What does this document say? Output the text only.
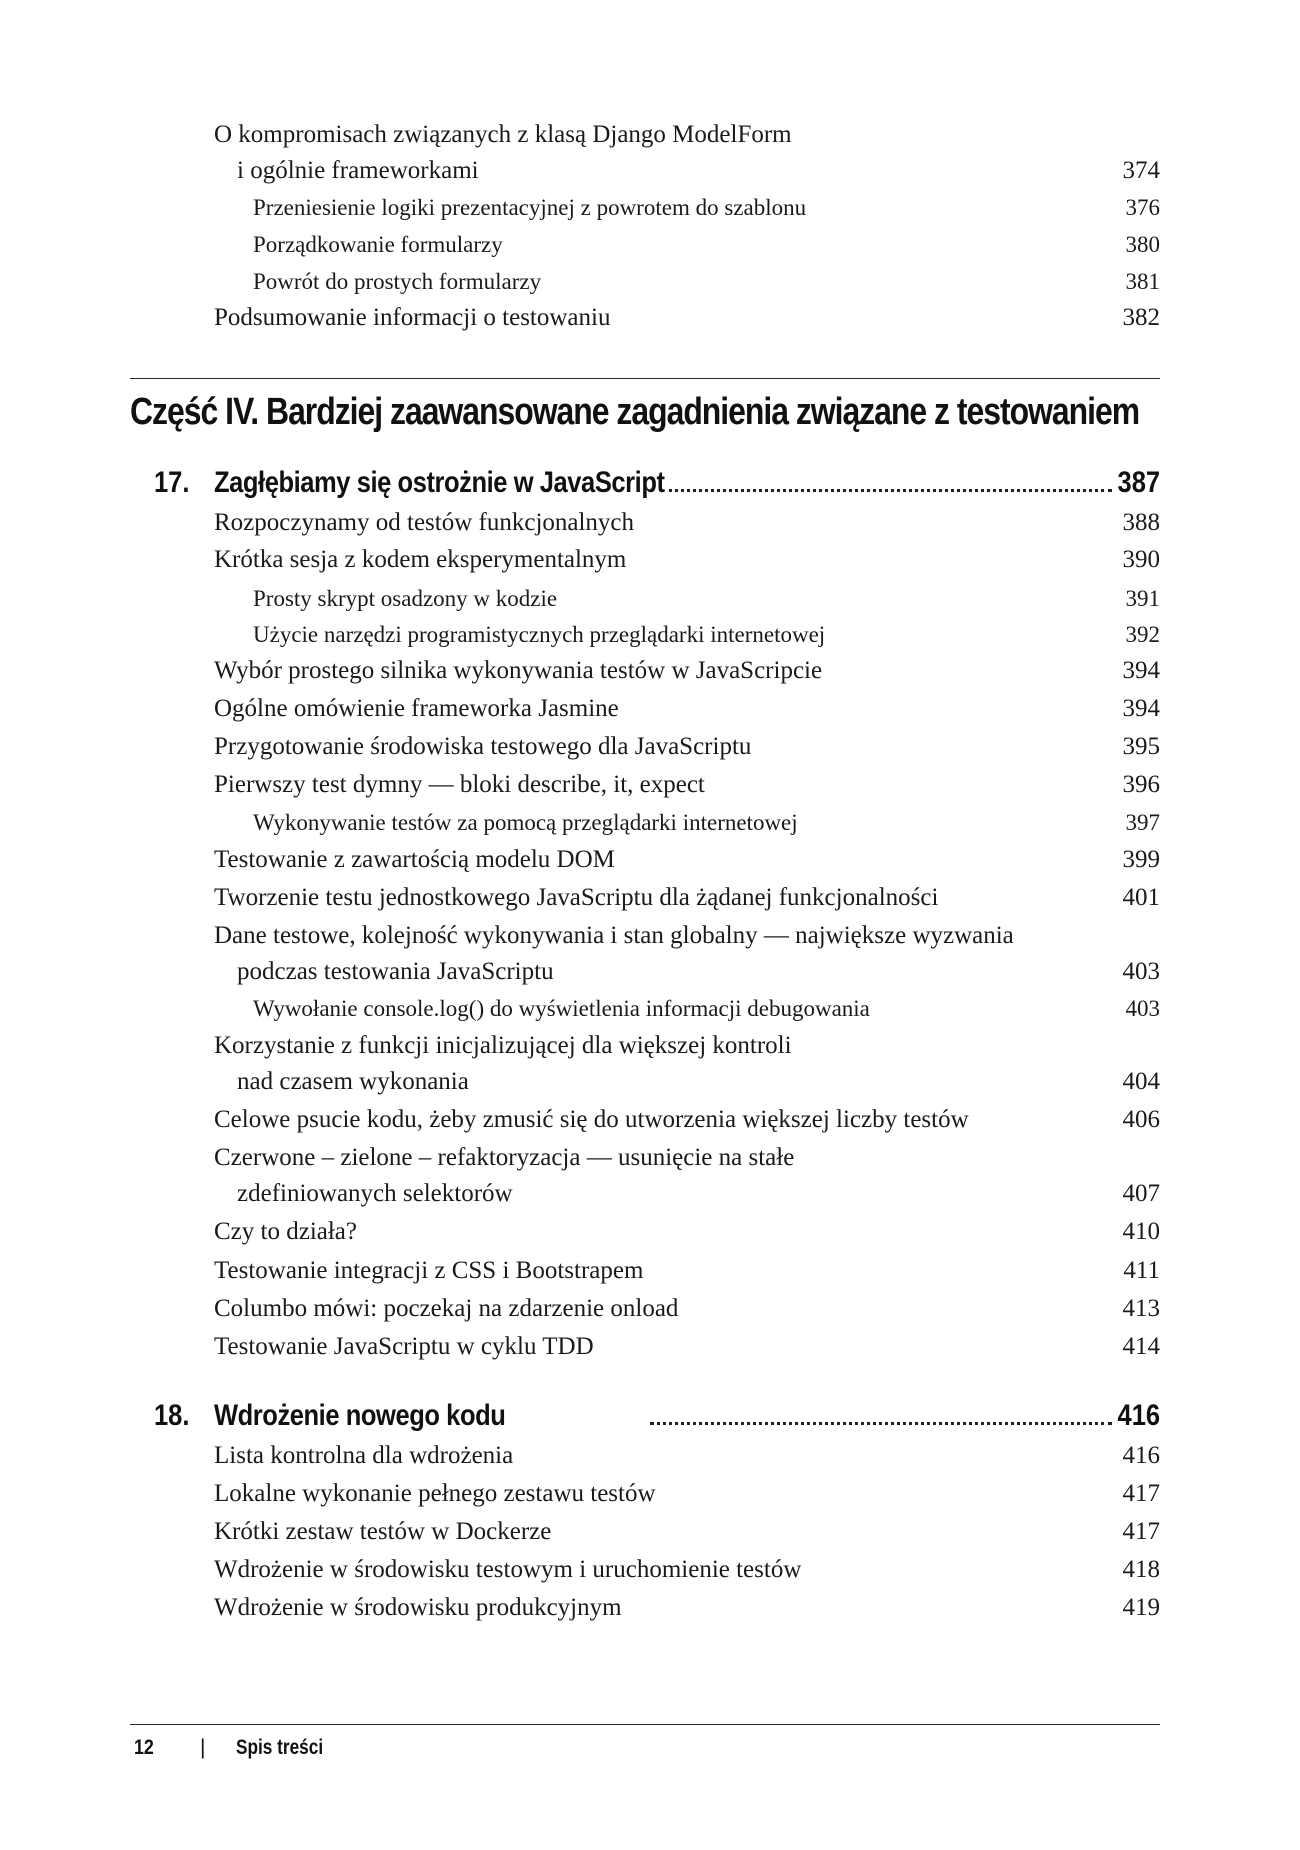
O kompromisach związanych z klasą Django ModelForm
i ogólnie frameworkami	374
Przeniesienie logiki prezentacyjnej z powrotem do szablonu	376
Porządkowanie formularzy	380
Powrót do prostych formularzy	381
Podsumowanie informacji o testowaniu	382
Część IV. Bardziej zaawansowane zagadnienia związane z testowaniem
17. Zagłębiamy się ostrożnie w JavaScript	387
Rozpoczynamy od testów funkcjonalnych	388
Krótka sesja z kodem eksperymentalnym	390
Prosty skrypt osadzony w kodzie	391
Użycie narzędzi programistycznych przeglądarki internetowej	392
Wybór prostego silnika wykonywania testów w JavaScripcie	394
Ogólne omówienie frameworka Jasmine	394
Przygotowanie środowiska testowego dla JavaScriptu	395
Pierwszy test dymny — bloki describe, it, expect	396
Wykonywanie testów za pomocą przeglądarki internetowej	397
Testowanie z zawartością modelu DOM	399
Tworzenie testu jednostkowego JavaScriptu dla żądanej funkcjonalności	401
Dane testowe, kolejność wykonywania i stan globalny — największe wyzwania
podczas testowania JavaScriptu	403
Wywołanie console.log() do wyświetlenia informacji debugowania	403
Korzystanie z funkcji inicjalizującej dla większej kontroli
nad czasem wykonania	404
Celowe psucie kodu, żeby zmusić się do utworzenia większej liczby testów	406
Czerwone – zielone – refaktoryzacja — usunięcie na stałe
zdefiniowanych selektorów	407
Czy to działa?	410
Testowanie integracji z CSS i Bootstrapem	411
Columbo mówi: poczekaj na zdarzenie onload	413
Testowanie JavaScriptu w cyklu TDD	414
18. Wdrożenie nowego kodu	416
Lista kontrolna dla wdrożenia	416
Lokalne wykonanie pełnego zestawu testów	417
Krótki zestaw testów w Dockerze	417
Wdrożenie w środowisku testowym i uruchomienie testów	418
Wdrożenie w środowisku produkcyjnym	419
12 | Spis treści
